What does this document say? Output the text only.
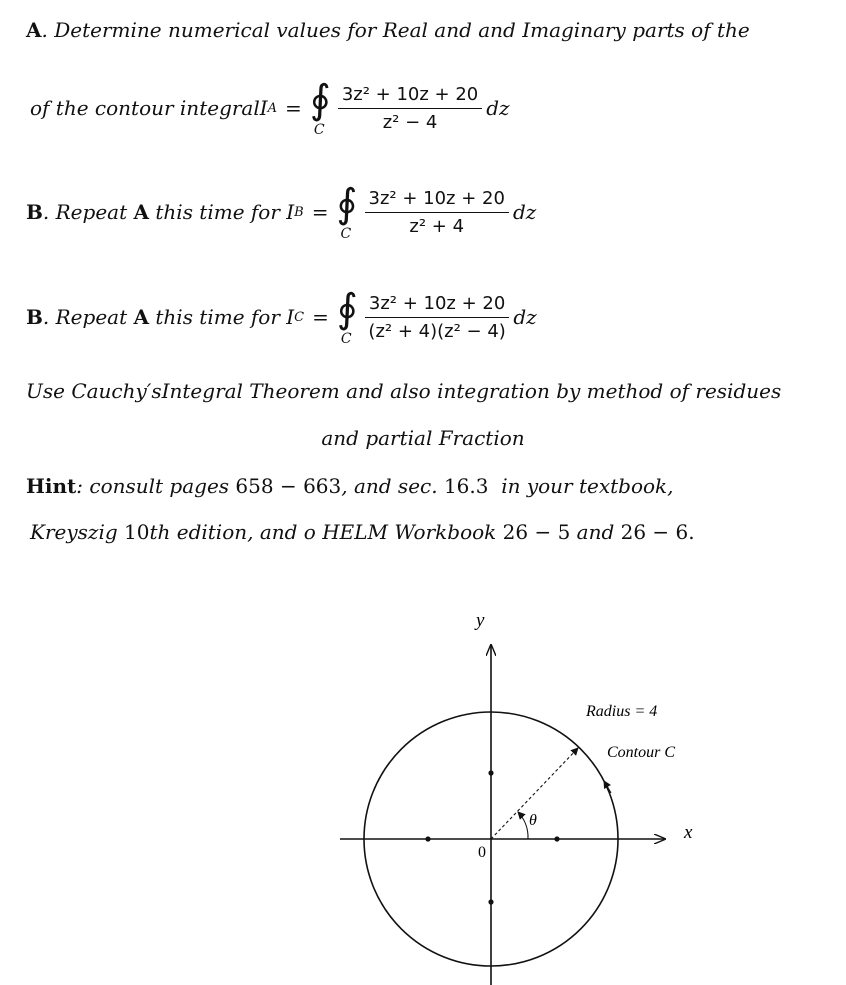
A. Determine numerical values for Real and and Imaginary parts of the
of the contour integral I A = ∮
C $\frac{\text{3z² + 10z + 20}}{\text{z² − 4}}$ dz
B . Repeat A this time for I B = ∮
C $\frac{\text{3z² + 10z + 20}}{\text{z² + 4}}$ dz
B . Repeat A this time for I C = ∮
C $\frac{\text{3z² + 10z + 20}}{\text{(z² + 4)(z² − 4)}}$ dz
Use Cauchy′sIntegral Theorem and also integration by method of residues
and partial Fraction
Hint: consult pages 658 − 663, and sec. 16.3  in your textbook,
Kreyszig 10th edition, and o HELM Workbook 26 − 5 and 26 − 6.
y
x
0
θ
Radius = 4
Contour C
